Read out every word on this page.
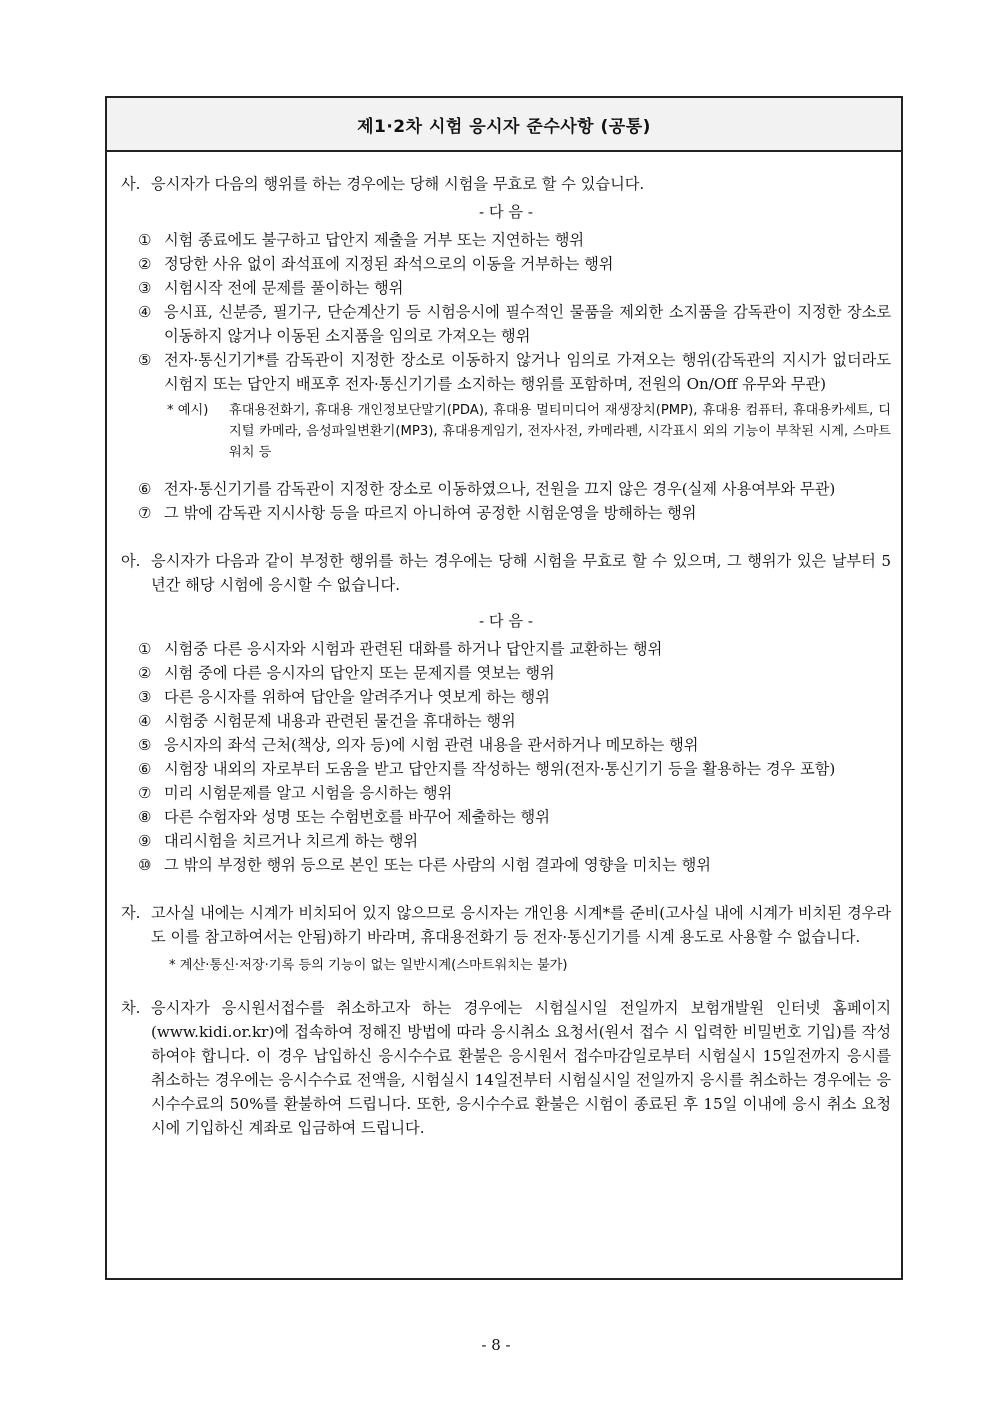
제1·2차 시험 응시자 준수사항 (공통)
사. 응시자가 다음의 행위를 하는 경우에는 당해 시험을 무효로 할 수 있습니다.
- 다 음 -
① 시험 종료에도 불구하고 답안지 제출을 거부 또는 지연하는 행위
② 정당한 사유 없이 좌석표에 지정된 좌석으로의 이동을 거부하는 행위
③ 시험시작 전에 문제를 풀이하는 행위
④ 응시표, 신분증, 필기구, 단순계산기 등 시험응시에 필수적인 물품을 제외한 소지품을 감독관이 지정한 장소로 이동하지 않거나 이동된 소지품을 임의로 가져오는 행위
⑤ 전자·통신기기*를 감독관이 지정한 장소로 이동하지 않거나 임의로 가져오는 행위(감독관의 지시가 없더라도 시험지 또는 답안지 배포후 전자·통신기기를 소지하는 행위를 포함하며, 전원의 On/Off 유무와 무관)
* 예시)	휴대용전화기, 휴대용 개인정보단말기(PDA), 휴대용 멀티미디어 재생장치(PMP), 휴대용 컴퓨터, 휴대용카세트, 디지털 카메라, 음성파일변환기(MP3), 휴대용게임기, 전자사전, 카메라펜, 시각표시 외의 기능이 부착된 시계, 스마트워치 등
⑥ 전자·통신기기를 감독관이 지정한 장소로 이동하였으나, 전원을 끄지 않은 경우(실제 사용여부와 무관)
⑦ 그 밖에 감독관 지시사항 등을 따르지 아니하여 공정한 시험운영을 방해하는 행위
아. 응시자가 다음과 같이 부정한 행위를 하는 경우에는 당해 시험을 무효로 할 수 있으며, 그 행위가 있은 날부터 5년간 해당 시험에 응시할 수 없습니다.
- 다 음 -
① 시험중 다른 응시자와 시험과 관련된 대화를 하거나 답안지를 교환하는 행위
② 시험 중에 다른 응시자의 답안지 또는 문제지를 엿보는 행위
③ 다른 응시자를 위하여 답안을 알려주거나 엿보게 하는 행위
④ 시험중 시험문제 내용과 관련된 물건을 휴대하는 행위
⑤ 응시자의 좌석 근처(책상, 의자 등)에 시험 관련 내용을 관서하거나 메모하는 행위
⑥ 시험장 내외의 자로부터 도움을 받고 답안지를 작성하는 행위(전자·통신기기 등을 활용하는 경우 포함)
⑦ 미리 시험문제를 알고 시험을 응시하는 행위
⑧ 다른 수험자와 성명 또는 수험번호를 바꾸어 제출하는 행위
⑨ 대리시험을 치르거나 치르게 하는 행위
⑩ 그 밖의 부정한 행위 등으로 본인 또는 다른 사람의 시험 결과에 영향을 미치는 행위
자. 고사실 내에는 시계가 비치되어 있지 않으므로 응시자는 개인용 시계*를 준비(고사실 내에 시계가 비치된 경우라도 이를 참고하여서는 안됨)하기 바라며, 휴대용전화기 등 전자·통신기기를 시계 용도로 사용할 수 없습니다.
* 계산·통신·저장·기록 등의 기능이 없는 일반시계(스마트워치는 불가)
차. 응시자가 응시원서접수를 취소하고자 하는 경우에는 시험실시일 전일까지 보험개발원 인터넷 홈페이지(www.kidi.or.kr)에 접속하여 정해진 방법에 따라 응시취소 요청서(원서 접수 시 입력한 비밀번호 기입)를 작성하여야 합니다. 이 경우 납입하신 응시수수료 환불은 응시원서 접수마감일로부터 시험실시 15일전까지 응시를 취소하는 경우에는 응시수수료 전액을, 시험실시 14일전부터 시험실시일 전일까지 응시를 취소하는 경우에는 응시수수료의 50%를 환불하여 드립니다. 또한, 응시수수료 환불은 시험이 종료된 후 15일 이내에 응시 취소 요청 시에 기입하신 계좌로 입금하여 드립니다.
- 8 -
